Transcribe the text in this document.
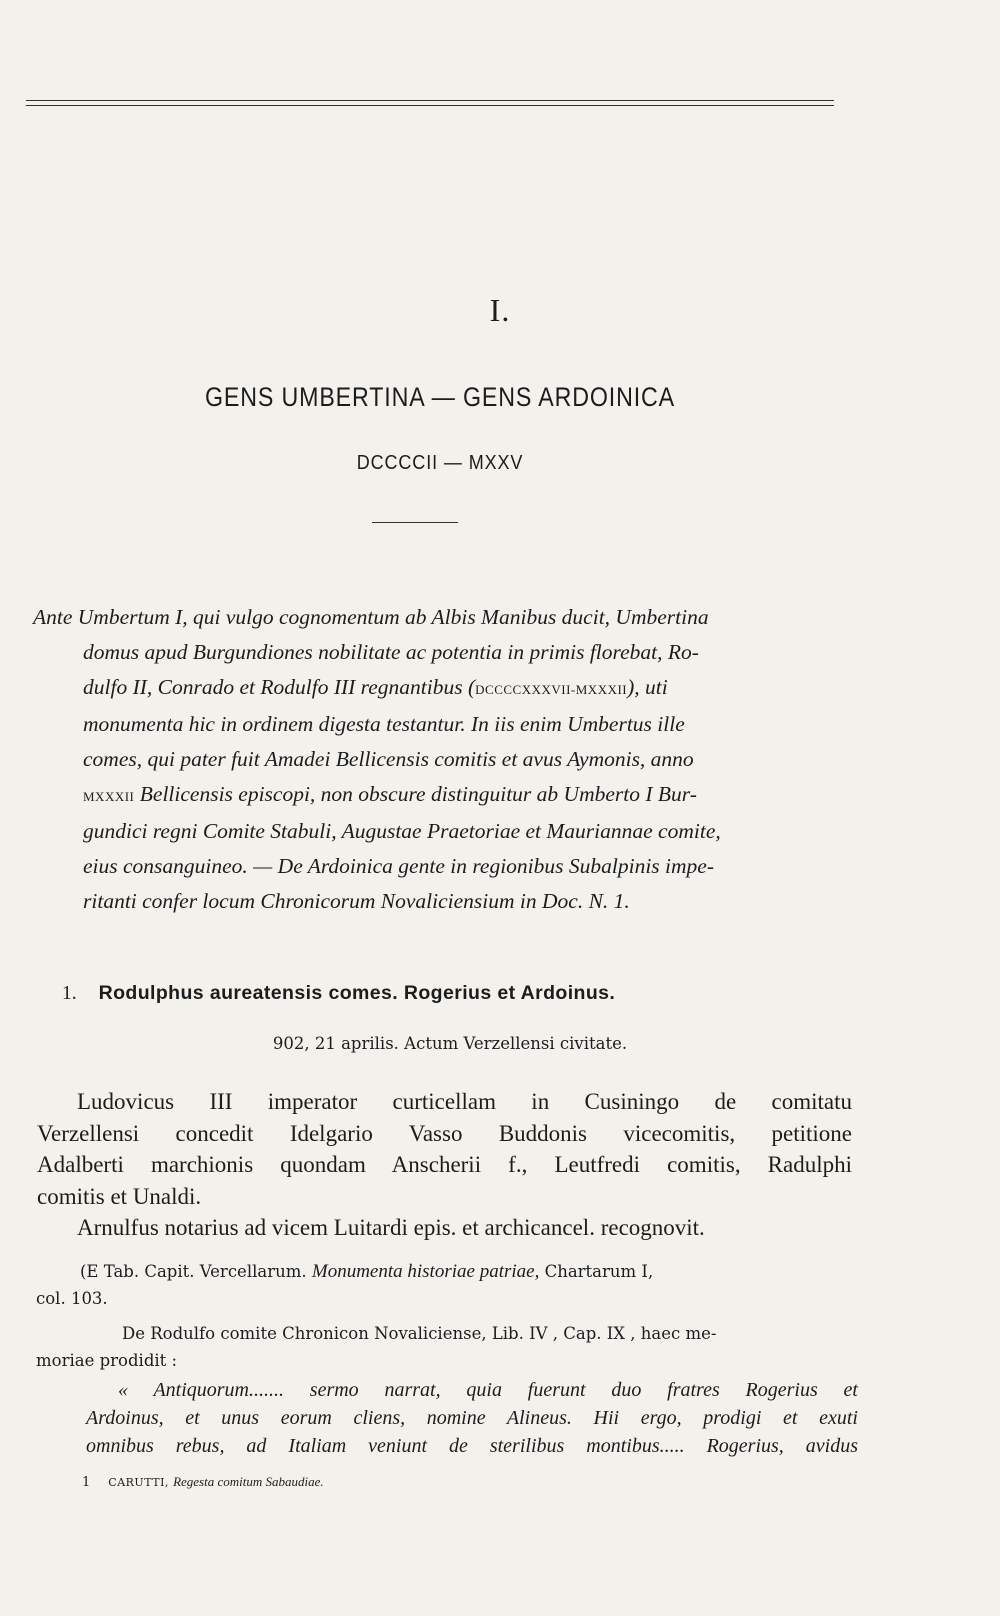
I.
GENS UMBERTINA — GENS ARDOINICA
DCCCCII — MXXV
Ante Umbertum I, qui vulgo cognomentum ab Albis Manibus ducit, Umbertina
domus apud Burgundiones nobilitate ac potentia in primis florebat, Ro-
dulfo II, Conrado et Rodulfo III regnantibus (DCCCCXXXVII-MXXXII), uti
monumenta hic in ordinem digesta testantur. In iis enim Umbertus ille
comes, qui pater fuit Amadei Bellicensis comitis et avus Aymonis, anno
MXXXII Bellicensis episcopi, non obscure distinguitur ab Umberto I Bur-
gundici regni Comite Stabuli, Augustae Praetoriae et Mauriannae comite,
eius consanguineo. — De Ardoinica gente in regionibus Subalpinis impe-
ritanti confer locum Chronicorum Novaliciensium in Doc. N. 1.
1. Rodulphus aureatensis comes. Rogerius et Ardoinus.
902, 21 aprilis. Actum Verzellensi civitate.
Ludovicus III imperator curticellam in Cusiningo de comitatu
Verzellensi concedit Idelgario Vasso Buddonis vicecomitis, petitione
Adalberti marchionis quondam Anscherii f., Leutfredi comitis, Radulphi
comitis et Unaldi.
Arnulfus notarius ad vicem Luitardi epis. et archicancel. recognovit.
(E Tab. Capit. Vercellarum. Monumenta historiae patriae, Chartarum I,
col. 103.
De Rodulfo comite Chronicon Novaliciense, Lib. IV , Cap. IX , haec me-
moriae prodidit :
« Antiquorum....... sermo narrat, quia fuerunt duo fratres Rogerius et
Ardoinus, et unus eorum cliens, nomine Alineus. Hii ergo, prodigi et exuti
omnibus rebus, ad Italiam veniunt de sterilibus montibus..... Rogerius, avidus
1 CARUTTI, Regesta comitum Sabaudiae.
